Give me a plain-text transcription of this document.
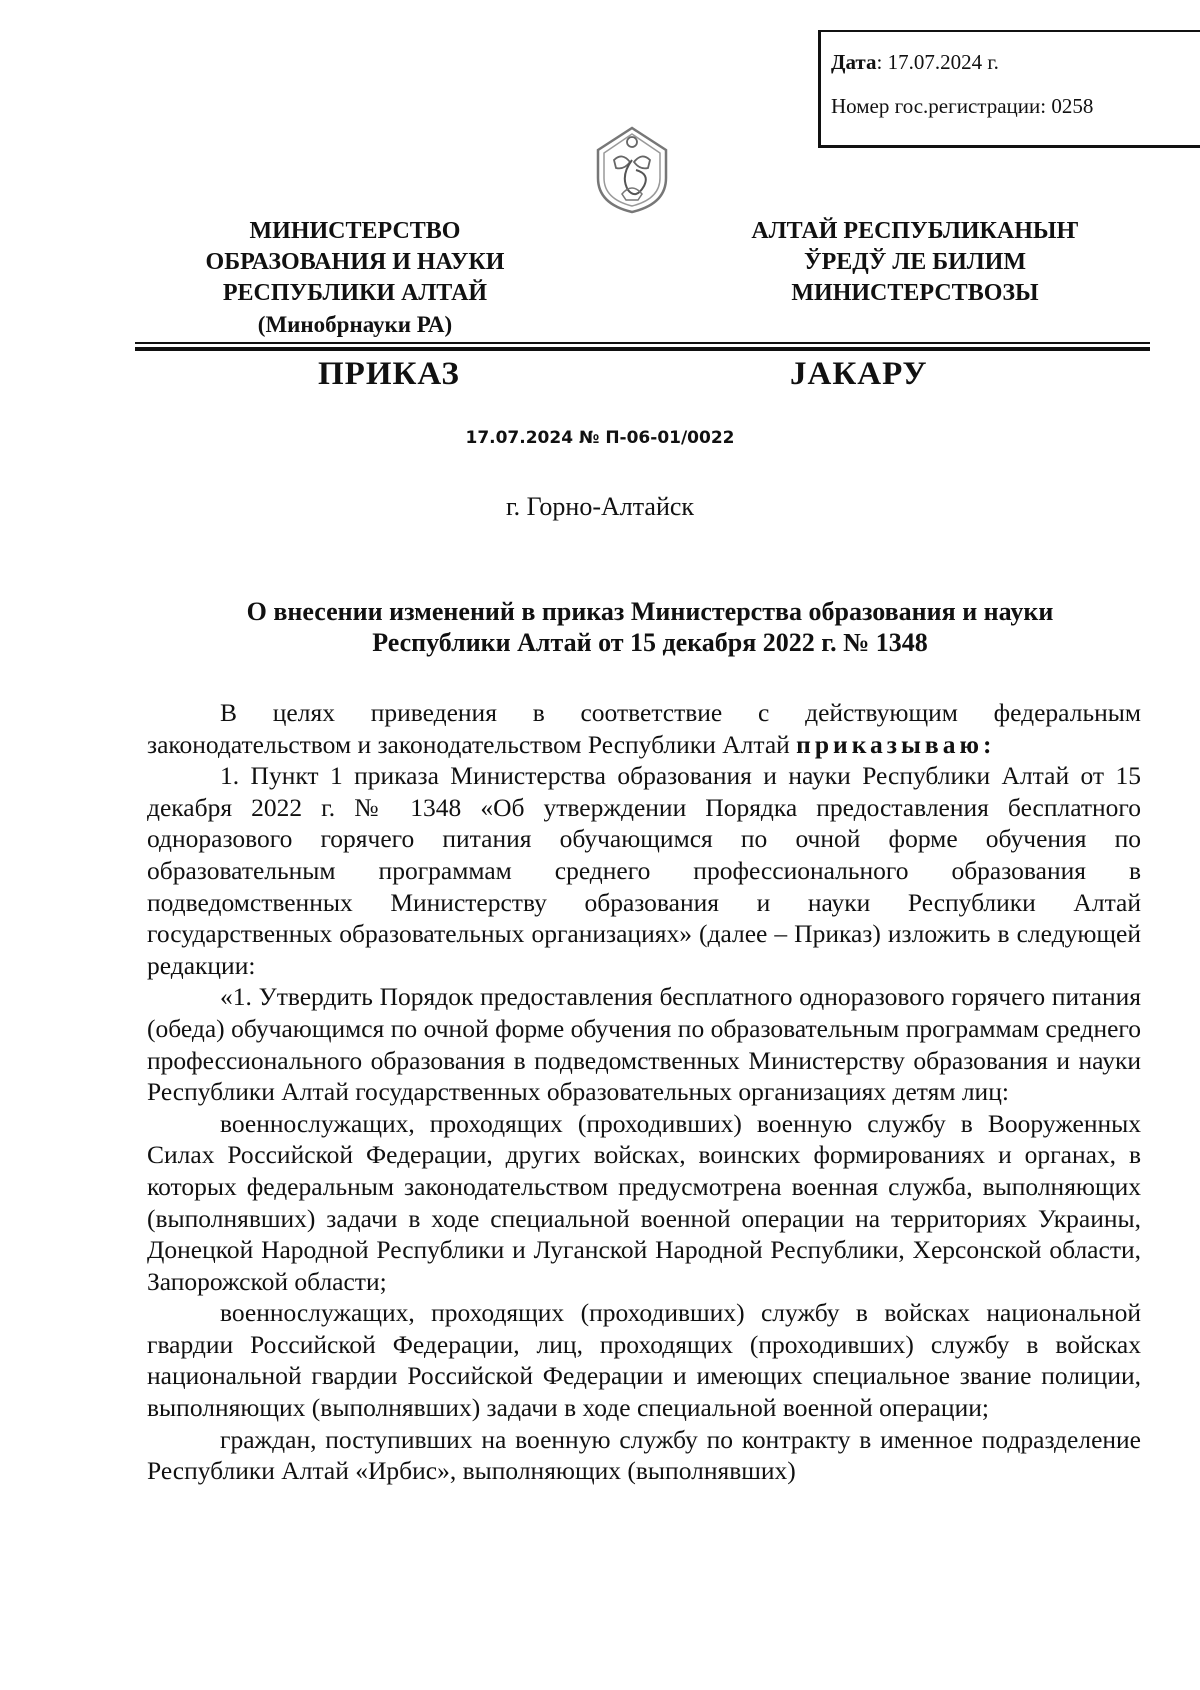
Дата: 17.07.2024 г.
Номер гос.регистрации: 0258
МИНИСТЕРСТВО
ОБРАЗОВАНИЯ И НАУКИ
РЕСПУБЛИКИ АЛТАЙ
(Минобрнауки РА)
АЛТАЙ РЕСПУБЛИКАНЫҤ
ЎРЕДЎ ЛЕ БИЛИМ
МИНИСТЕРСТВОЗЫ
ПРИКАЗ	JАКАРУ
17.07.2024 № П-06-01/0022
г. Горно-Алтайск
О внесении изменений в приказ Министерства образования и науки
Республики Алтай от 15 декабря 2022 г. № 1348

В целях приведения в соответствие с действующим федеральным законодательством и законодательством Республики Алтай приказываю:

1. Пункт 1 приказа Министерства образования и науки Республики Алтай от 15 декабря 2022 г. № 1348 «Об утверждении Порядка предоставления бесплатного одноразового горячего питания обучающимся по очной форме обучения по образовательным программам среднего профессионального образования в подведомственных Министерству образования и науки Республики Алтай государственных образовательных организациях» (далее – Приказ) изложить в следующей редакции:

«1. Утвердить Порядок предоставления бесплатного одноразового горячего питания (обеда) обучающимся по очной форме обучения по образовательным программам среднего профессионального образования в подведомственных Министерству образования и науки Республики Алтай государственных образовательных организациях детям лиц:

военнослужащих, проходящих (проходивших) военную службу в Вооруженных Силах Российской Федерации, других войсках, воинских формированиях и органах, в которых федеральным законодательством предусмотрена военная служба, выполняющих (выполнявших) задачи в ходе специальной военной операции на территориях Украины, Донецкой Народной Республики и Луганской Народной Республики, Херсонской области, Запорожской области;

военнослужащих, проходящих (проходивших) службу в войсках национальной гвардии Российской Федерации, лиц, проходящих (проходивших) службу в войсках национальной гвардии Российской Федерации и имеющих специальное звание полиции, выполняющих (выполнявших) задачи в ходе специальной военной операции;

граждан, поступивших на военную службу по контракту в именное подразделение Республики Алтай «Ирбис», выполняющих (выполнявших)
